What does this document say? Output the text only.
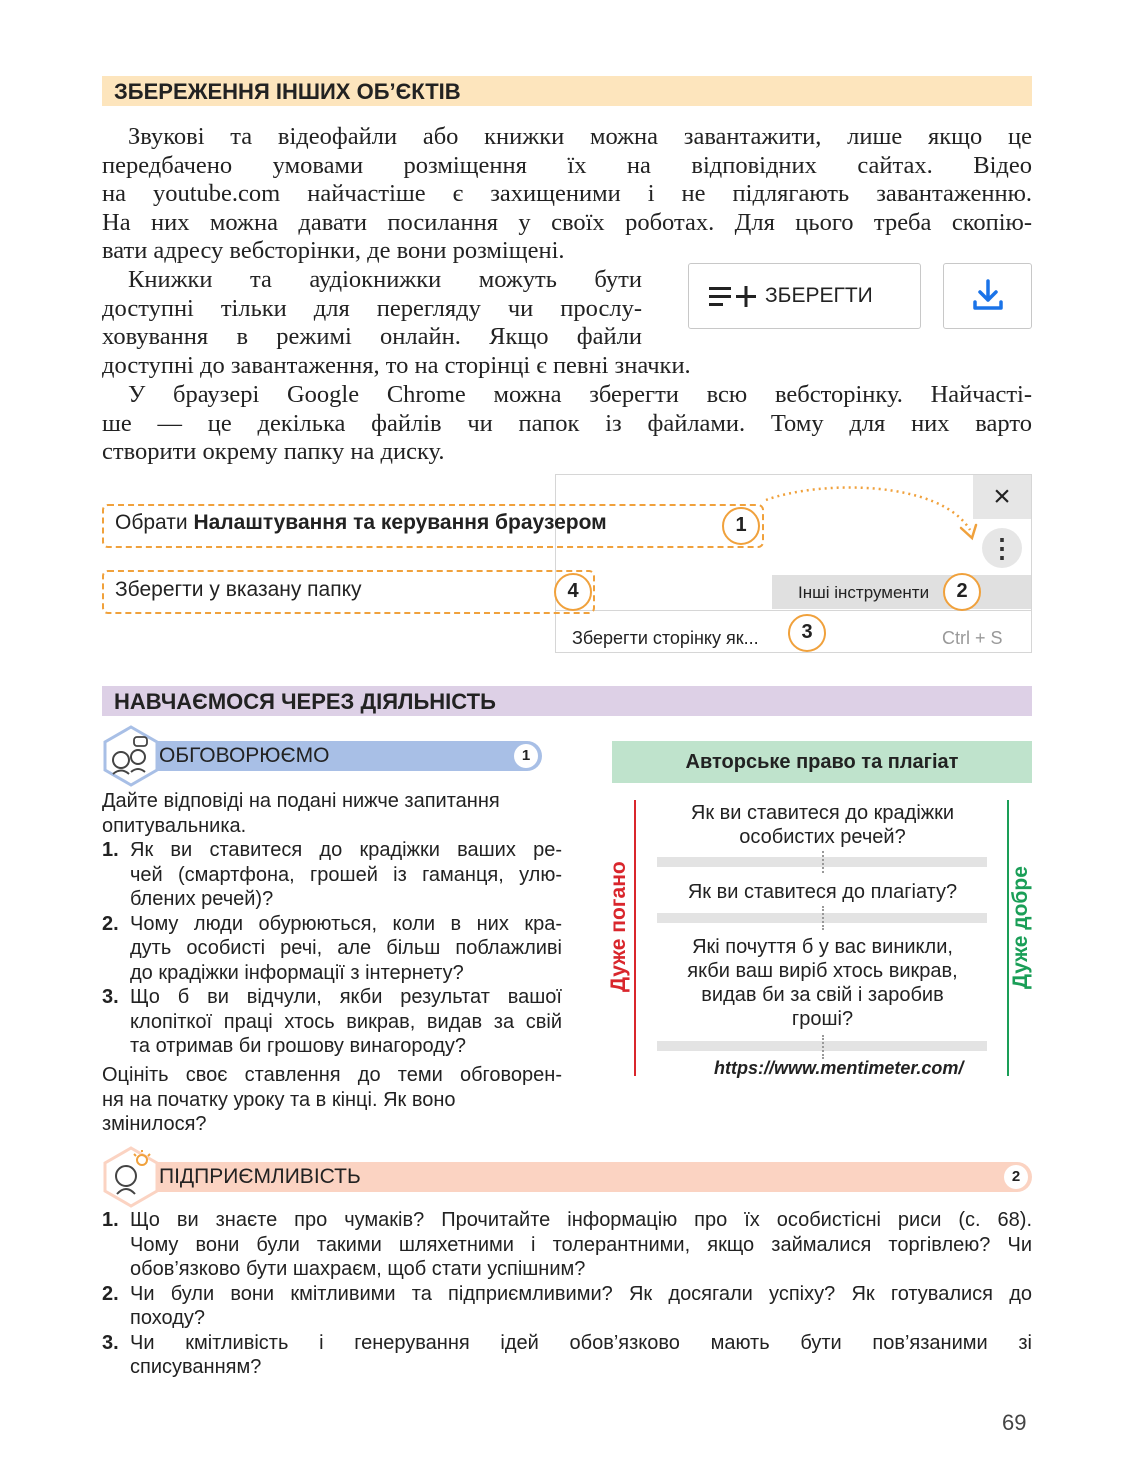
ЗБЕРЕЖЕННЯ ІНШИХ ОБ’ЄКТІВ
Звукові та відеофайли або книжки можна завантажити, лише якщо це
передбачено умовами розміщення їх на відповідних сайтах. Відео
на youtube.com найчастіше є захищеними і не підлягають завантаженню.
На них можна давати посилання у своїх роботах. Для цього треба скопію-
вати адресу вебсторінки, де вони розміщені.
Книжки та аудіокнижки можуть бути
доступні тільки для перегляду чи прослу-
ховування в режимі онлайн. Якщо файли
доступні до завантаження, то на сторінці є певні значки.
ЗБЕРЕГТИ
У браузері Google Chrome можна зберегти всю вебсторінку. Найчасті-
ше — це декілька файлів чи папок із файлами. Тому для них варто
створити окрему папку на диску.
×
⋮
Інші інструменти
Зберегти сторінку як...	Ctrl + S
Обрати Налаштування та керування браузером	1
Зберегти у вказану папку	4	2
3
НАВЧАЄМОСЯ ЧЕРЕЗ ДІЯЛЬНІСТЬ
ОБГОВОРЮЄМО	1
Дайте відповіді на подані нижче запитання
опитувальника.
1. Як ви ставитеся до крадіжки ваших ре-
чей (смартфона, грошей із гаманця, улю-
блених речей)?
2. Чому люди обурюються, коли в них кра-
дуть особисті речі, але більш поблажливі
до крадіжки інформації з інтернету?
3. Що б ви відчули, якби результат вашої
клопіткої праці хтось викрав, видав за свій
та отримав би грошову винагороду?
Оцініть своє ставлення до теми обговорен-
ня на початку уроку та в кінці. Як воно
змінилося?
Авторське право та плагіат
Дуже погано	Дуже добре
Як ви ставитеся до крадіжки
особистих речей?
Як ви ставитеся до плагіату?
Які почуття б у вас виникли,
якби ваш виріб хтось викрав,
видав би за свій і заробив
гроші?
https://www.mentimeter.com/
ПІДПРИЄМЛИВІСТЬ	2
1. Що ви знаєте про чумаків? Прочитайте інформацію про їх особистісні риси (с. 68).
Чому вони були такими шляхетними і толерантними, якщо займалися торгівлею? Чи
обов’язково бути шахраєм, щоб стати успішним?
2. Чи були вони кмітливими та підприємливими? Як досягали успіху? Як готувалися до
походу?
3. Чи кмітливість і генерування ідей обов’язково мають бути пов’язаними зі
списуванням?
69
